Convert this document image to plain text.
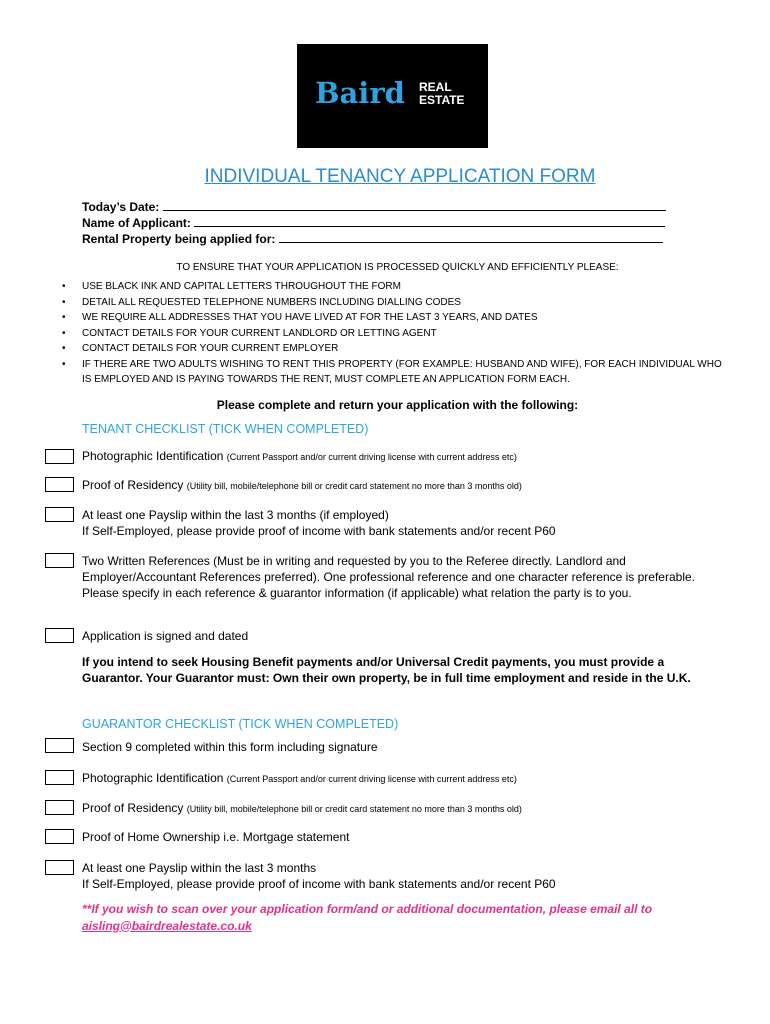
Baird REAL
ESTATE
INDIVIDUAL TENANCY APPLICATION FORM
Today’s Date:
Name of Applicant:
Rental Property being applied for:
TO ENSURE THAT YOUR APPLICATION IS PROCESSED QUICKLY AND EFFICIENTLY PLEASE:
• USE BLACK INK AND CAPITAL LETTERS THROUGHOUT THE FORM
• DETAIL ALL REQUESTED TELEPHONE NUMBERS INCLUDING DIALLING CODES
• WE REQUIRE ALL ADDRESSES THAT YOU HAVE LIVED AT FOR THE LAST 3 YEARS, AND DATES
• CONTACT DETAILS FOR YOUR CURRENT LANDLORD OR LETTING AGENT
• CONTACT DETAILS FOR YOUR CURRENT EMPLOYER
• IF THERE ARE TWO ADULTS WISHING TO RENT THIS PROPERTY (FOR EXAMPLE: HUSBAND AND WIFE), FOR EACH INDIVIDUAL WHO IS EMPLOYED AND IS PAYING TOWARDS THE RENT, MUST COMPLETE AN APPLICATION FORM EACH.
Please complete and return your application with the following:
TENANT CHECKLIST (TICK WHEN COMPLETED)
Photographic Identification (Current Passport and/or current driving license with current address etc)
Proof of Residency (Utility bill, mobile/telephone bill or credit card statement no more than 3 months old)
At least one Payslip within the last 3 months (if employed)
If Self-Employed, please provide proof of income with bank statements and/or recent P60
Two Written References (Must be in writing and requested by you to the Referee directly. Landlord and Employer/Accountant References preferred). One professional reference and one character reference is preferable. Please specify in each reference & guarantor information (if applicable) what relation the party is to you.
Application is signed and dated
If you intend to seek Housing Benefit payments and/or Universal Credit payments, you must provide a Guarantor. Your Guarantor must: Own their own property, be in full time employment and reside in the U.K.
GUARANTOR CHECKLIST (TICK WHEN COMPLETED)
Section 9 completed within this form including signature
Photographic Identification (Current Passport and/or current driving license with current address etc)
Proof of Residency (Utility bill, mobile/telephone bill or credit card statement no more than 3 months old)
Proof of Home Ownership i.e. Mortgage statement
At least one Payslip within the last 3 months
If Self-Employed, please provide proof of income with bank statements and/or recent P60
**If you wish to scan over your application form/and or additional documentation, please email all to
aisling@bairdrealestate.co.uk
